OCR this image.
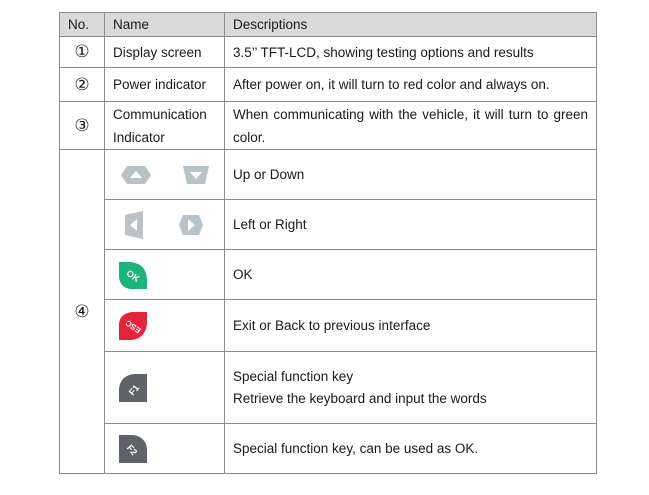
No.	Name	Descriptions
①	Display screen	3.5’’ TFT-LCD, showing testing options and results
②	Power indicator	After power on, it will turn to red color and always on.
③	Communication Indicator	When communicating with the vehicle, it will turn to green color.
④		Up or Down

	Left or Right

OK	OK

ESC	Exit or Back to previous interface

F1	Special function key
Retrieve the keyboard and input the words

F2	Special function key, can be used as OK.
